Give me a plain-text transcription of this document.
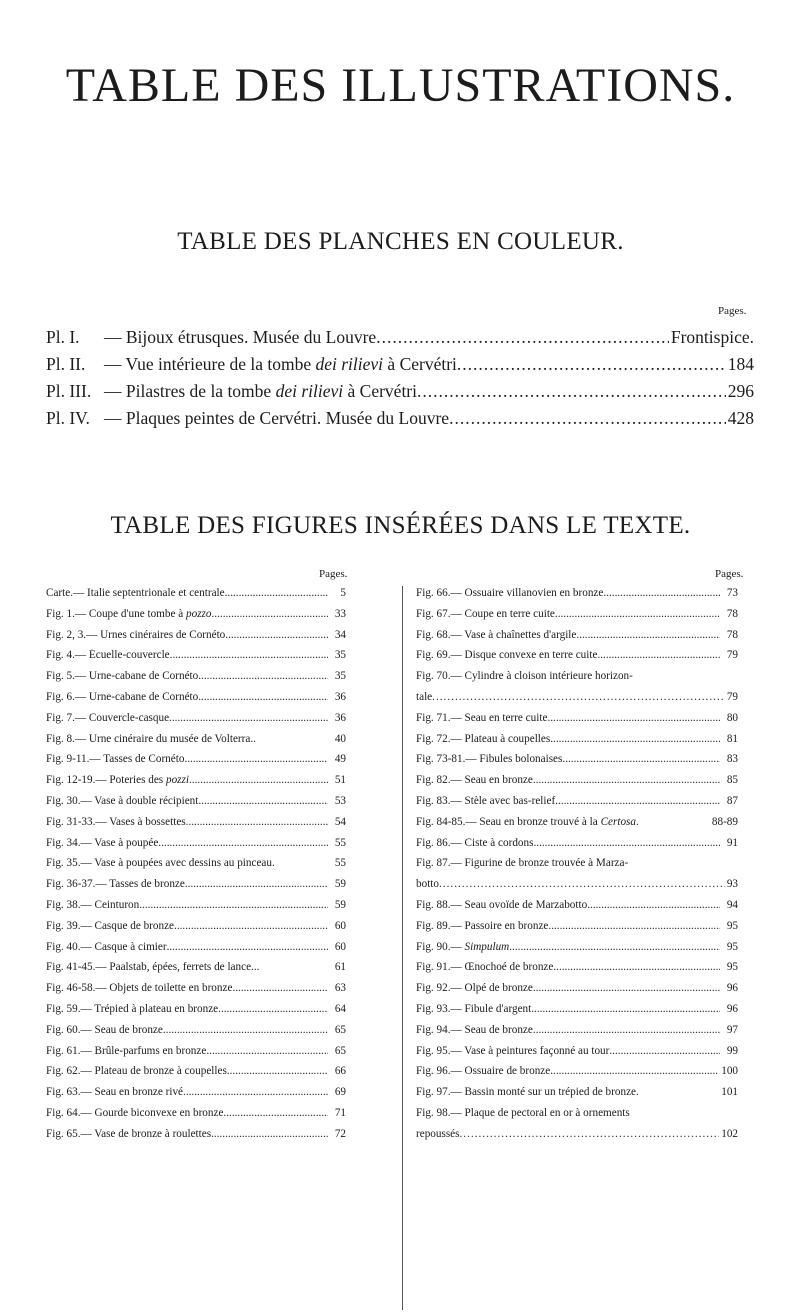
TABLE DES ILLUSTRATIONS.
TABLE DES PLANCHES EN COULEUR.
Pages.
Pl. I.	— Bijoux étrusques. Musée du Louvre .....	Frontispice.
Pl. II.	— Vue intérieure de la tombe dei rilievi à Cervétri .....	184
Pl. III. — Pilastres de la tombe dei rilievi à Cervétri .....	296
Pl. IV. — Plaques peintes de Cervétri. Musée du Louvre .....	428
TABLE DES FIGURES INSÉRÉES DANS LE TEXTE.
Pages.	Pages.
Carte. — Italie septentrionale et centrale .....	5
Fig. 1. — Coupe d'une tombe à pozzo .....	33
Fig. 2, 3. — Urnes cinéraires de Cornéto .....	34
Fig. 4. — Écuelle-couvercle .....	35
Fig. 5. — Urne-cabane de Cornéto .....	35
Fig. 6. — Urne-cabane de Cornéto .....	36
Fig. 7. — Couvercle-casque .....	36
Fig. 8. — Urne cinéraire du musée de Volterra..	40
Fig. 9-11. — Tasses de Cornéto .....	49
Fig. 12-19. — Poteries des pozzi .....	51
Fig. 30. — Vase à double récipient .....	53
Fig. 31-33. — Vases à bossettes .....	54
Fig. 34. — Vase à poupée .....	55
Fig. 35. — Vase à poupées avec dessins au pinceau.	55
Fig. 36-37. — Tasses de bronze .....	59
Fig. 38. — Ceinturon .....	59
Fig. 39. — Casque de bronze .....	60
Fig. 40. — Casque à cimier .....	60
Fig. 41-45. — Paalstab, épées, ferrets de lance...	61
Fig. 46-58. — Objets de toilette en bronze .....	63
Fig. 59. — Trépied à plateau en bronze .....	64
Fig. 60. — Seau de bronze .....	65
Fig. 61. — Brûle-parfums en bronze .....	65
Fig. 62. — Plateau de bronze à coupelles .....	66
Fig. 63. — Seau en bronze rivé .....	69
Fig. 64. — Gourde biconvexe en bronze .....	71
Fig. 65. — Vase de bronze à roulettes .....	72
Fig. 66. — Ossuaire villanovien en bronze .....	73
Fig. 67. — Coupe en terre cuite .....	78
Fig. 68. — Vase à chaînettes d'argile .....	78
Fig. 69. — Disque convexe en terre cuite .....	79
Fig. 70. — Cylindre à cloison intérieure horizon-
tale .....	79
Fig. 71. — Seau en terre cuite .....	80
Fig. 72. — Plateau à coupelles .....	81
Fig. 73-81. — Fibules bolonaises .....	83
Fig. 82. — Seau en bronze .....	85
Fig. 83. — Stèle avec bas-relief .....	87
Fig. 84-85. — Seau en bronze trouvé à la Certosa.	88-89
Fig. 86. — Ciste à cordons .....	91
Fig. 87. — Figurine de bronze trouvée à Marza-
botto .....	93
Fig. 88. — Seau ovoïde de Marzabotto .....	94
Fig. 89. — Passoire en bronze .....	95
Fig. 90. — Simpulum .....	95
Fig. 91. — Œnochoé de bronze .....	95
Fig. 92. — Olpé de bronze .....	96
Fig. 93. — Fibule d'argent .....	96
Fig. 94. — Seau de bronze .....	97
Fig. 95. — Vase à peintures façonné au tour .....	99
Fig. 96. — Ossuaire de bronze .....	100
Fig. 97. — Bassin monté sur un trépied de bronze.	101
Fig. 98. — Plaque de pectoral en or à ornements
repoussés .....	102
